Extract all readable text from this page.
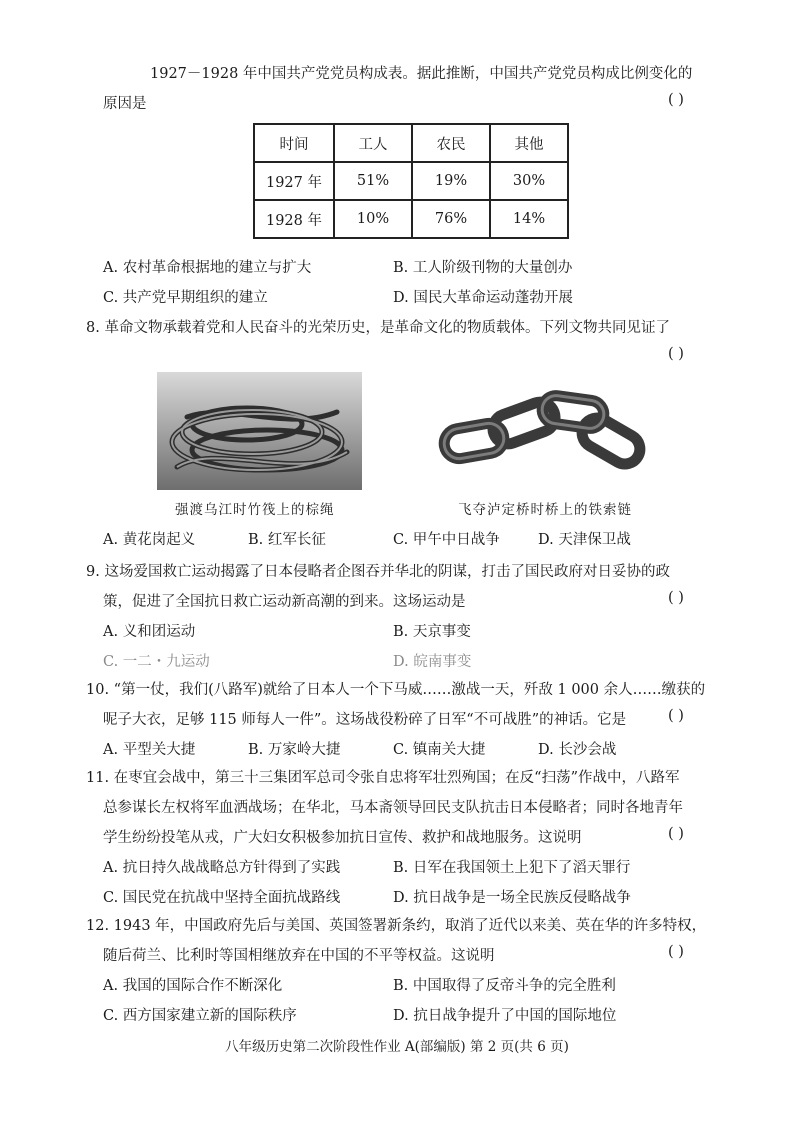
1927－1928 年中国共产党党员构成表。据此推断，中国共产党党员构成比例变化的
原因是	( )
时间	工人	农民	其他
1927 年	51%	19%	30%
1928 年	10%	76%	14%
A. 农村革命根据地的建立与扩大	B. 工人阶级刊物的大量创办
C. 共产党早期组织的建立	D. 国民大革命运动蓬勃开展
8. 革命文物承载着党和人民奋斗的光荣历史，是革命文化的物质载体。下列文物共同见证了
( )
强渡乌江时竹筏上的棕绳	飞夺泸定桥时桥上的铁索链
A. 黄花岗起义	B. 红军长征	C. 甲午中日战争	D. 天津保卫战
9. 这场爱国救亡运动揭露了日本侵略者企图吞并华北的阴谋，打击了国民政府对日妥协的政
策，促进了全国抗日救亡运动新高潮的到来。这场运动是	( )
A. 义和团运动	B. 天京事变
C. 一二・九运动	D. 皖南事变
10. “第一仗，我们(八路军)就给了日本人一个下马威……激战一天，歼敌 1 000 余人……缴获的
呢子大衣，足够 115 师每人一件”。这场战役粉碎了日军“不可战胜”的神话。它是	( )
A. 平型关大捷	B. 万家岭大捷	C. 镇南关大捷	D. 长沙会战
11. 在枣宜会战中，第三十三集团军总司令张自忠将军壮烈殉国；在反“扫荡”作战中，八路军
总参谋长左权将军血洒战场；在华北，马本斋领导回民支队抗击日本侵略者；同时各地青年
学生纷纷投笔从戎，广大妇女积极参加抗日宣传、救护和战地服务。这说明	( )
A. 抗日持久战战略总方针得到了实践	B. 日军在我国领土上犯下了滔天罪行
C. 国民党在抗战中坚持全面抗战路线	D. 抗日战争是一场全民族反侵略战争
12. 1943 年，中国政府先后与美国、英国签署新条约，取消了近代以来美、英在华的许多特权，
随后荷兰、比利时等国相继放弃在中国的不平等权益。这说明	( )
A. 我国的国际合作不断深化	B. 中国取得了反帝斗争的完全胜利
C. 西方国家建立新的国际秩序	D. 抗日战争提升了中国的国际地位
八年级历史第二次阶段性作业 A(部编版) 第 2 页(共 6 页)
